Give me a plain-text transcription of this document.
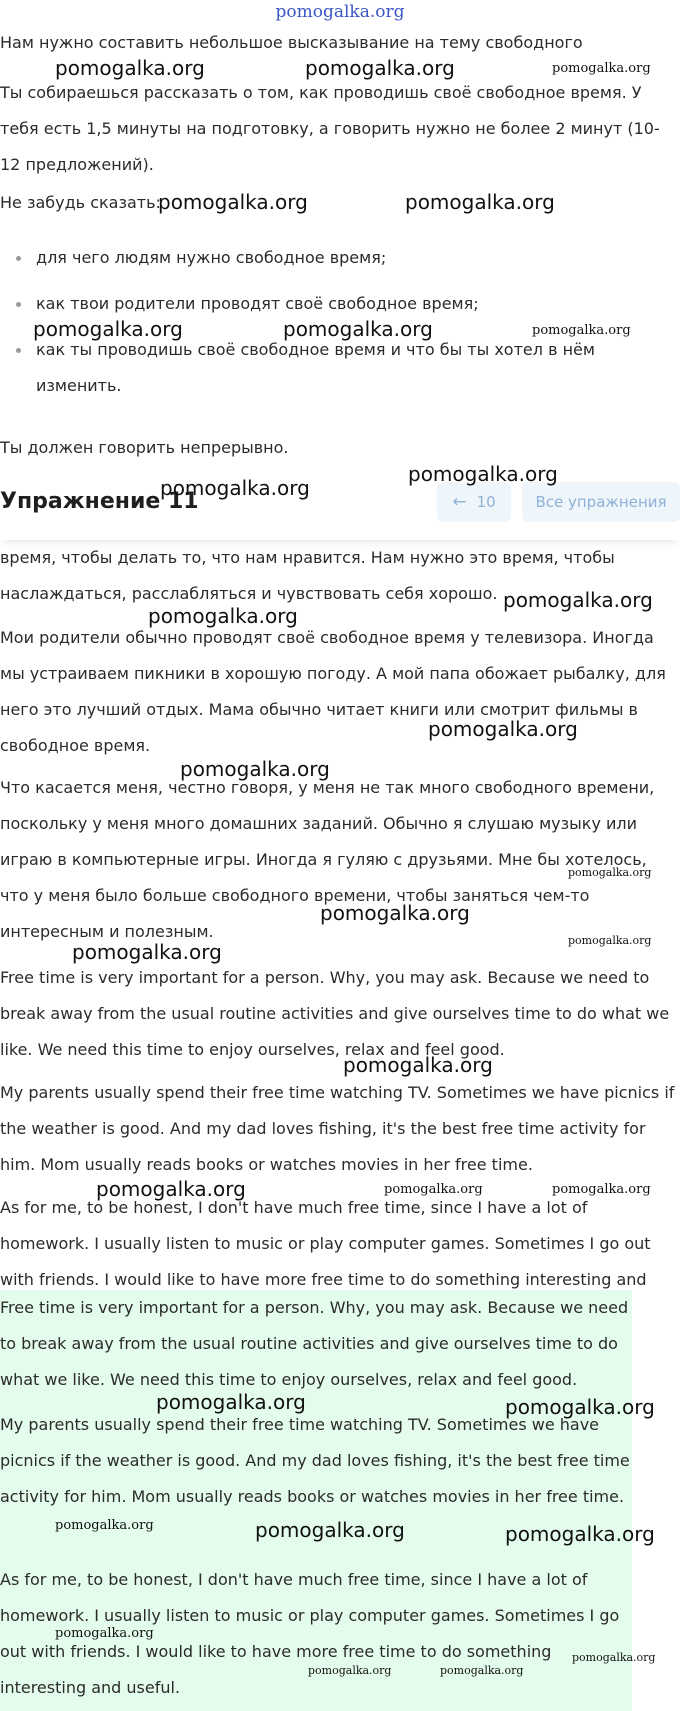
pomogalka.org

Нам нужно составить небольшое высказывание на тему свободного

Ты собираешься рассказать о том, как проводишь своё свободное время. У тебя есть 1,5 минуты на подготовку, а говорить нужно не более 2 минут (10-12 предложений).

Не забудь сказать:

для чего людям нужно свободное время;
как твои родители проводят своё свободное время;
как ты проводишь своё свободное время и что бы ты хотел в нём изменить.

Ты должен говорить непрерывно.

Упражнение 11	← 10	Все упражнения

время, чтобы делать то, что нам нравится. Нам нужно это время, чтобы наслаждаться, расслабляться и чувствовать себя хорошо.

Мои родители обычно проводят своё свободное время у телевизора. Иногда мы устраиваем пикники в хорошую погоду. А мой папа обожает рыбалку, для него это лучший отдых. Мама обычно читает книги или смотрит фильмы в свободное время.

Что касается меня, честно говоря, у меня не так много свободного времени, поскольку у меня много домашних заданий. Обычно я слушаю музыку или играю в компьютерные игры. Иногда я гуляю с друзьями. Мне бы хотелось, что у меня было больше свободного времени, чтобы заняться чем-то интересным и полезным.

Free time is very important for a person. Why, you may ask. Because we need to break away from the usual routine activities and give ourselves time to do what we like. We need this time to enjoy ourselves, relax and feel good.

My parents usually spend their free time watching TV. Sometimes we have picnics if the weather is good. And my dad loves fishing, it's the best free time activity for him. Mom usually reads books or watches movies in her free time.

As for me, to be honest, I don't have much free time, since I have a lot of homework. I usually listen to music or play computer games. Sometimes I go out with friends. I would like to have more free time to do something interesting and

Free time is very important for a person. Why, you may ask. Because we need to break away from the usual routine activities and give ourselves time to do what we like. We need this time to enjoy ourselves, relax and feel good.

My parents usually spend their free time watching TV. Sometimes we have picnics if the weather is good. And my dad loves fishing, it's the best free time activity for him. Mom usually reads books or watches movies in her free time.

As for me, to be honest, I don't have much free time, since I have a lot of homework. I usually listen to music or play computer games. Sometimes I go out with friends. I would like to have more free time to do something interesting and useful.

pomogalka.org	pomogalka.org	pomogalka.org
pomogalka.org	pomogalka.org
pomogalka.org	pomogalka.org	pomogalka.org
pomogalka.org
pomogalka.org
pomogalka.org
pomogalka.org
pomogalka.org
pomogalka.org
pomogalka.org
pomogalka.org
pomogalka.org
pomogalka.org
pomogalka.org
pomogalka.org	pomogalka.org	pomogalka.org
pomogalka.org	pomogalka.org
pomogalka.org	pomogalka.org	pomogalka.org
pomogalka.org
pomogalka.org
pomogalka.org	pomogalka.org
